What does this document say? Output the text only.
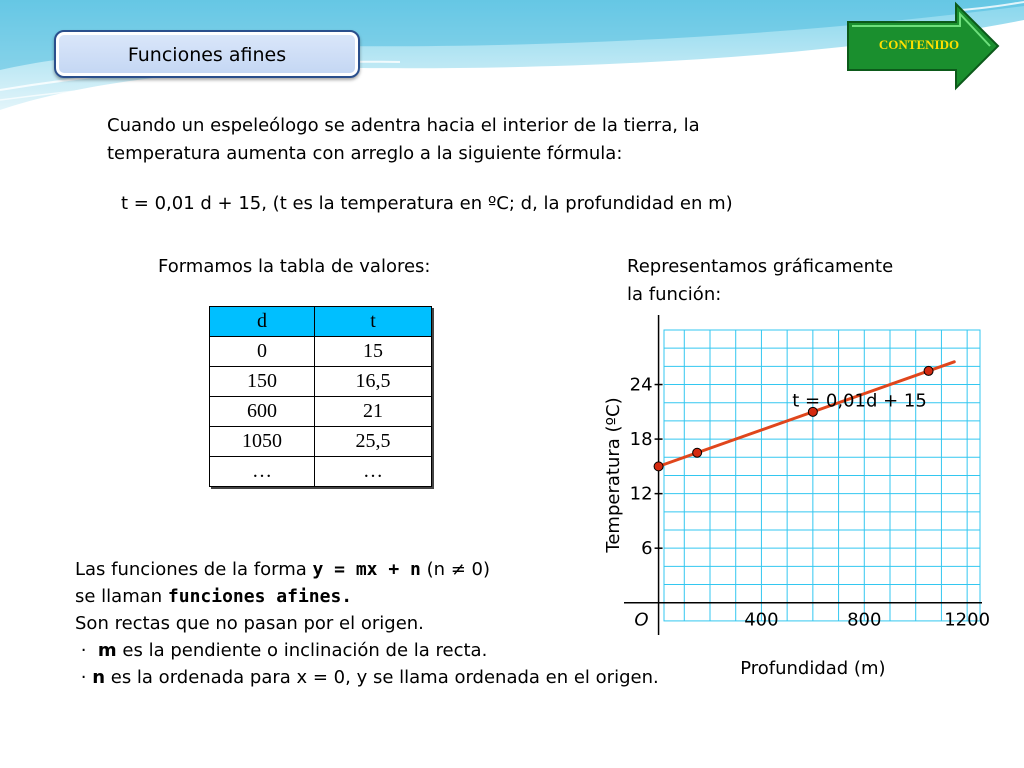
Funciones afines	CONTENIDO
Cuando un espeleólogo se adentra hacia el interior de la tierra, la
temperatura aumenta con arreglo a la siguiente fórmula:
t = 0,01 d + 15, (t es la temperatura en ºC; d, la profundidad en m)
Formamos la tabla de valores:
d	t
0	15
150	16,5
600	21
1050	25,5
…	…
Representamos gráficamente
la función:
6
12
18
24
400	800	1200
O
t = 0,01d + 15
Profundidad (m)
Temperatura (ºC)
Las funciones de la forma y = mx + n (n ≠ 0)
se llaman funciones afines.
Son rectas que no pasan por el origen.
· m es la pendiente o inclinación de la recta.
· n es la ordenada para x = 0, y se llama ordenada en el origen.
